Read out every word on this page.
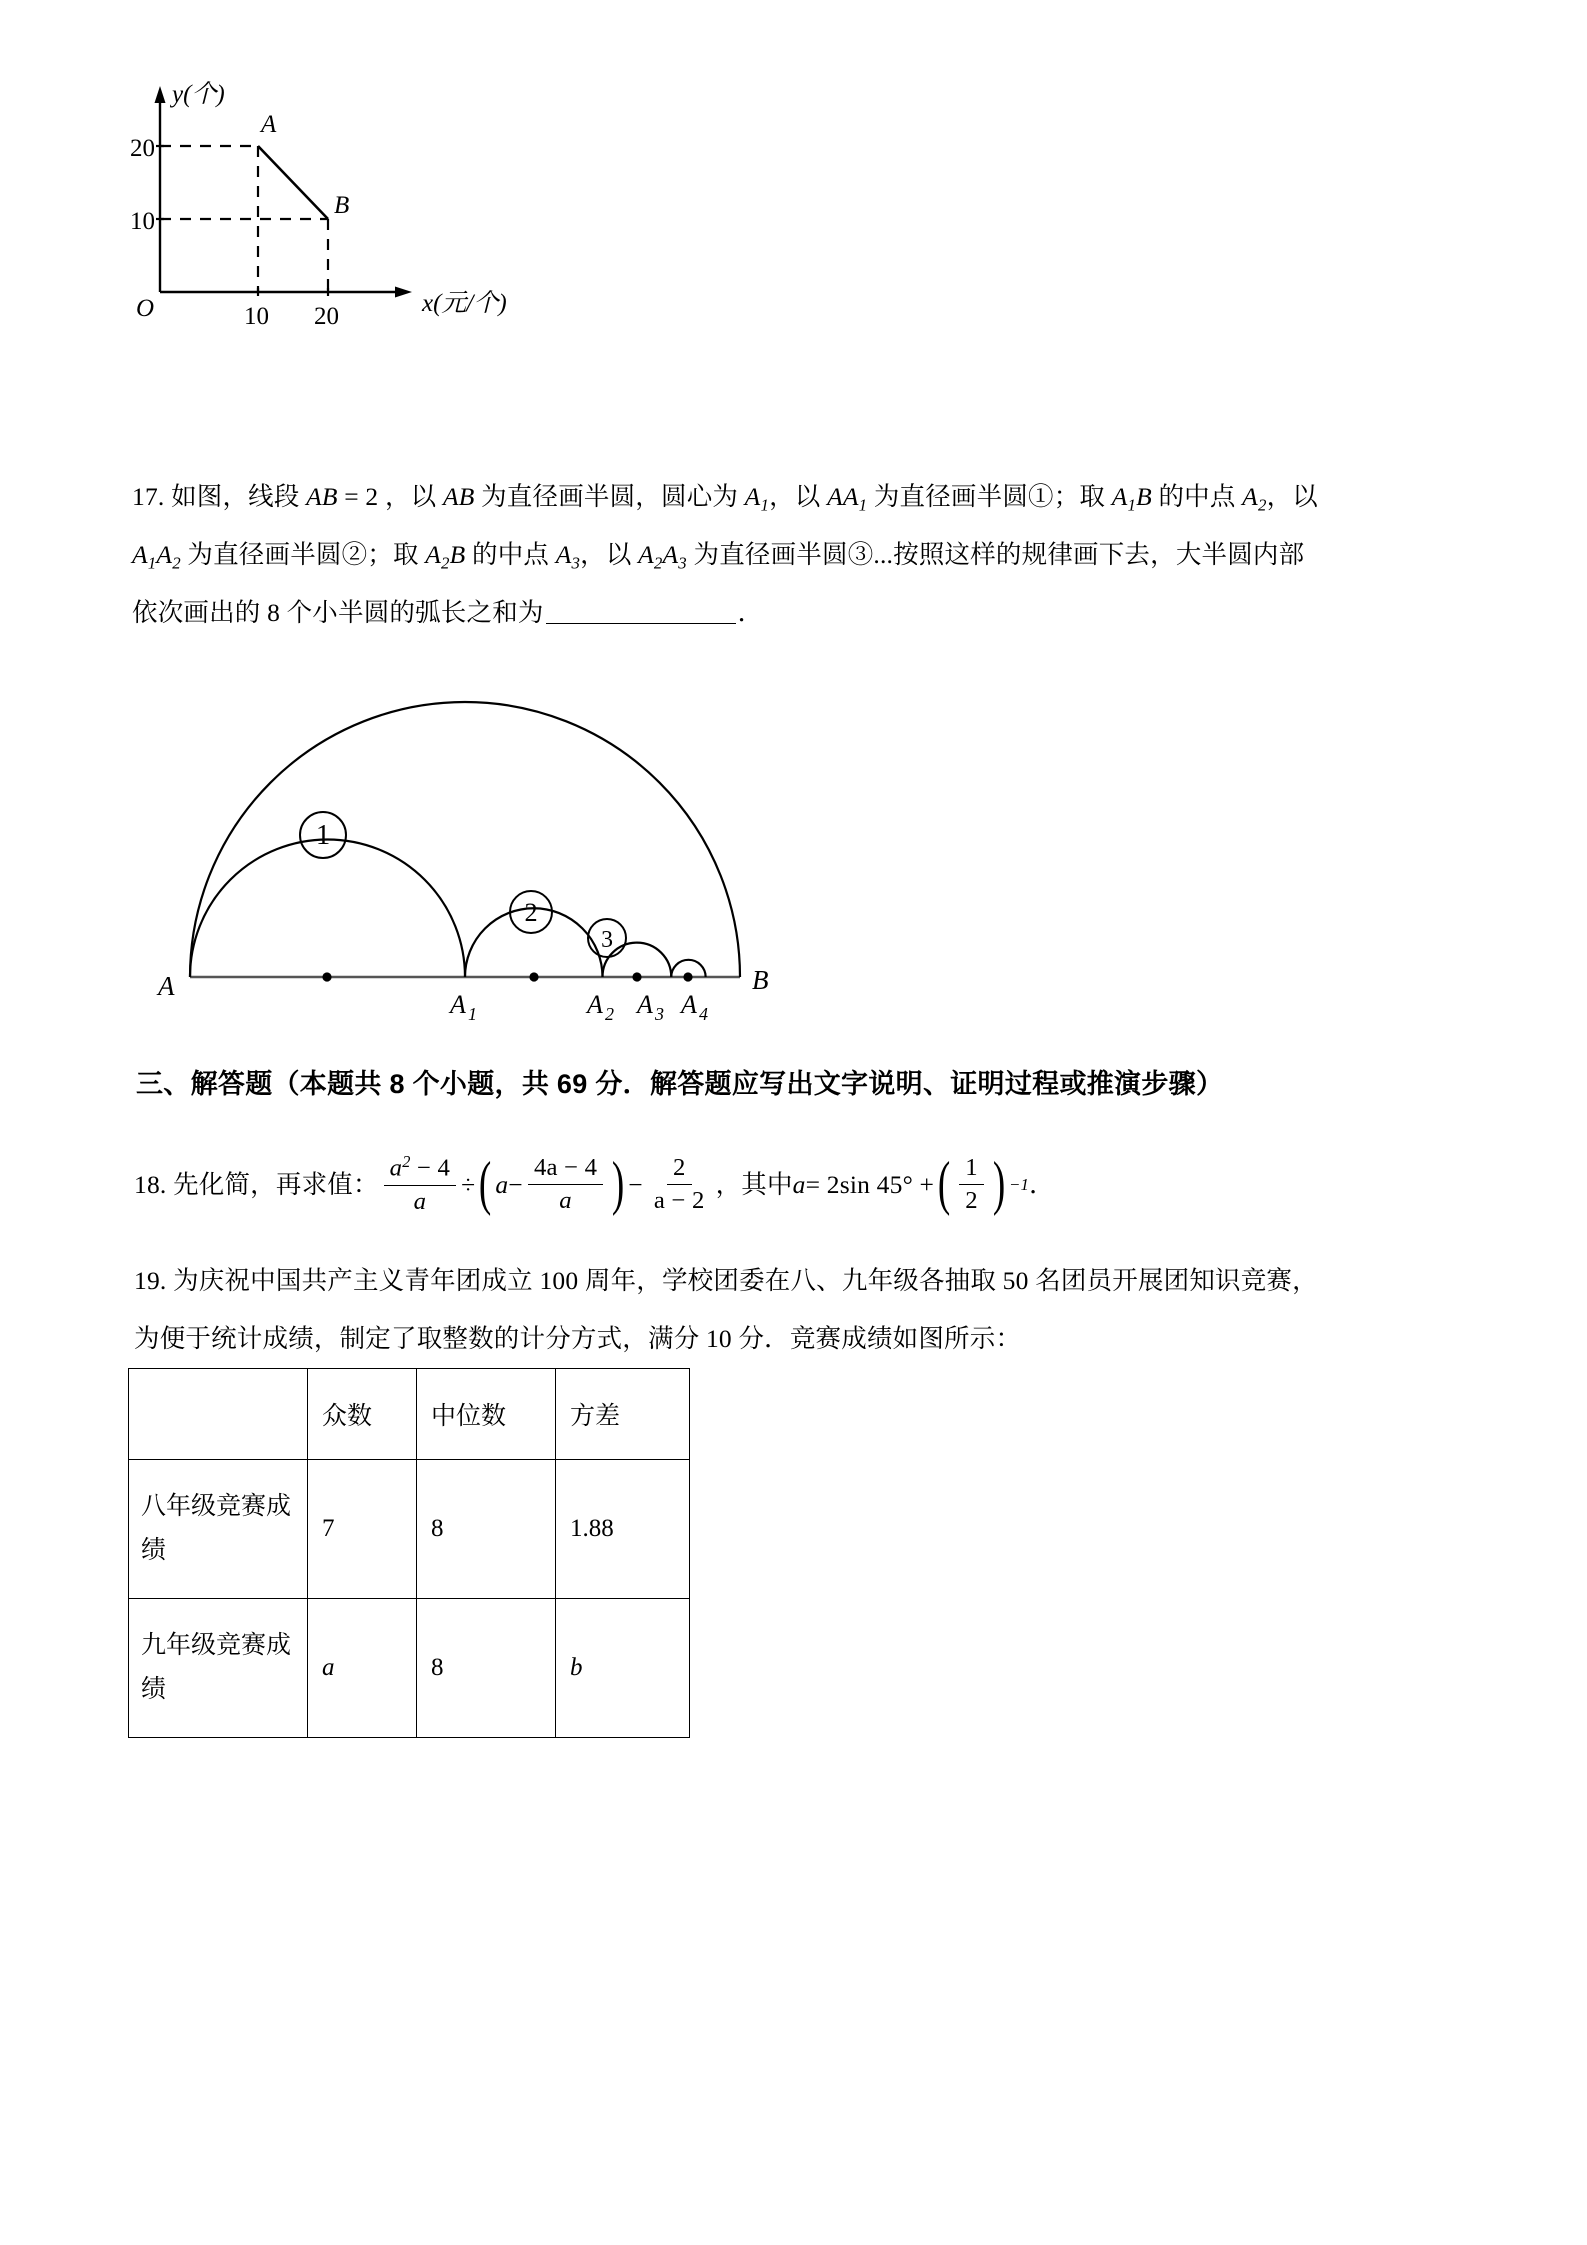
y(个)
x(元/个)
20
10
10 20
O
A
B
17. 如图，线段 AB = 2 ，以 AB 为直径画半圆，圆心为 $A_1$，以 $AA_1$ 为直径画半圆①；取 $A_1B$ 的中点 $A_2$，以
$A_1A_2$ 为直径画半圆②；取 $A_2B$ 的中点 $A_3$，以 $A_2A_3$ 为直径画半圆③...按照这样的规律画下去，大半圆内部
依次画出的 8 个小半圆的弧长之和为	．
1
2
3
A	B
A 1	A 2 A 3 A 4
三、解答题（本题共 8 个小题，共 69 分．解答题应写出文字说明、证明过程或推演步骤）
18.
先化简，再求值： $\frac{a^2 - 4}{a}$ ÷ ( $a - \frac{4a - 4}{a}$ ) − $\frac{2}{a - 2}$ ， 其中 a = 2sin 45° + ( $\frac{1}{2}$ ) −1 ．
19. 为庆祝中国共产主义青年团成立 100 周年，学校团委在八、九年级各抽取 50 名团员开展团知识竞赛，
为便于统计成绩，制定了取整数的计分方式，满分 10 分．竞赛成绩如图所示：
	众数	中位数	方差
八年级竞赛成绩	7	8	1.88
九年级竞赛成绩	a	8	b
